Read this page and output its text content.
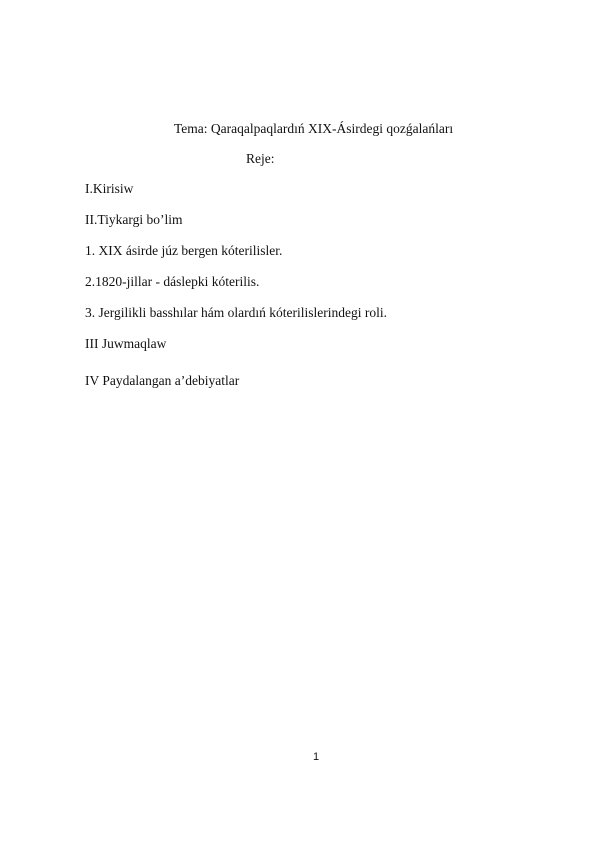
Tema: Qaraqalpaqlardıń XIX-Ásirdegi qozǵalańları
Reje:
I.Kirisiw
II.Tiykargi bo’lim
1. XIX ásirde júz bergen kóterilisler.
2.1820-jillar - dáslepki kóterilis.
3. Jergilikli basshılar hám olardıń kóterilislerindegi roli.
III Juwmaqlaw
IV Paydalangan a’debiyatlar
1
